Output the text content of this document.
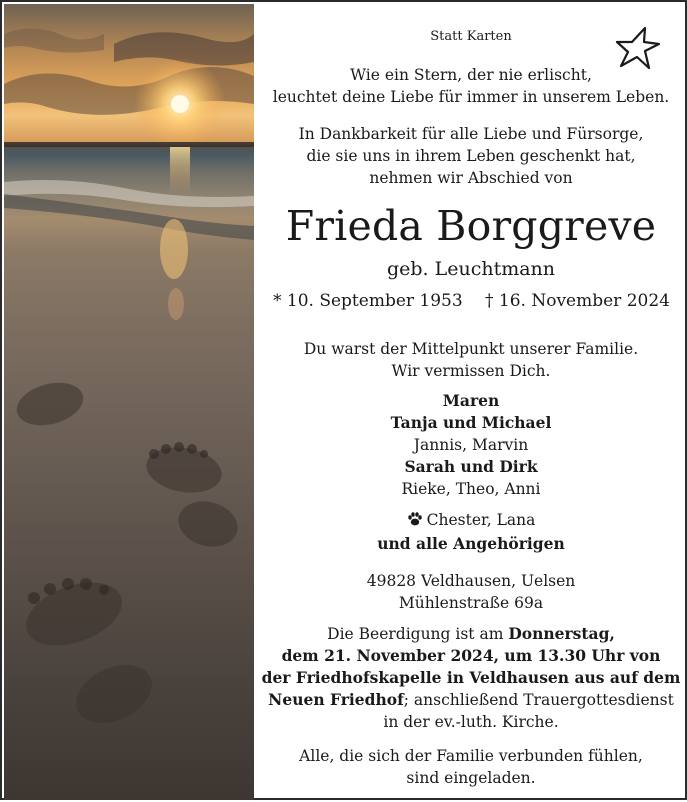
Statt Karten
Wie ein Stern, der nie erlischt,
leuchtet deine Liebe für immer in unserem Leben.
In Dankbarkeit für alle Liebe und Fürsorge,
die sie uns in ihrem Leben geschenkt hat,
nehmen wir Abschied von
Frieda Borggreve
geb. Leuchtmann
* 10. September 1953 † 16. November 2024
Du warst der Mittelpunkt unserer Familie.
Wir vermissen Dich.
Maren
Tanja und Michael
Jannis, Marvin
Sarah und Dirk
Rieke, Theo, Anni
Chester, Lana
und alle Angehörigen
49828 Veldhausen, Uelsen
Mühlenstraße 69a
Die Beerdigung ist am Donnerstag,
dem 21. November 2024, um 13.30 Uhr von
der Friedhofskapelle in Veldhausen aus auf dem
Neuen Friedhof; anschließend Trauergottesdienst
in der ev.-luth. Kirche.
Alle, die sich der Familie verbunden fühlen,
sind eingeladen.
